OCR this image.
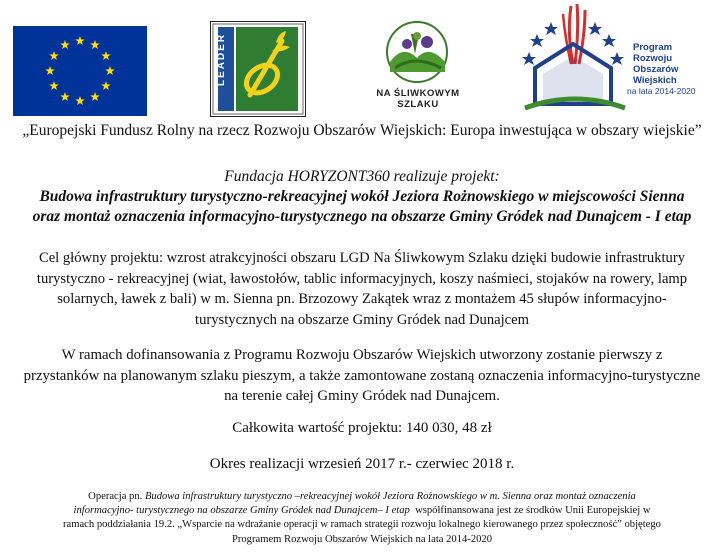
NA ŚLIWKOWYM SZLAKU
Program
Rozwoju
Obszarów
Wiejskich
na lata 2014-2020
„Europejski Fundusz Rolny na rzecz Rozwoju Obszarów Wiejskich: Europa inwestująca w obszary wiejskie”
Fundacja HORYZONT360 realizuje projekt:
Budowa infrastruktury turystyczno-rekreacyjnej wokół Jeziora Rożnowskiego w miejscowości Sienna
oraz montaż oznaczenia informacyjno-turystycznego na obszarze Gminy Gródek nad Dunajcem - I etap
Cel główny projektu: wzrost atrakcyjności obszaru LGD Na Śliwkowym Szlaku dzięki budowie infrastruktury
turystyczno - rekreacyjnej (wiat, ławostołów, tablic informacyjnych, koszy naśmieci, stojaków na rowery, lamp
solarnych, ławek z bali) w m. Sienna pn. Brzozowy Zakątek wraz z montażem 45 słupów informacyjno-
turystycznych na obszarze Gminy Gródek nad Dunajcem
W ramach dofinansowania z Programu Rozwoju Obszarów Wiejskich utworzony zostanie pierwszy z
przystanków na planowanym szlaku pieszym, a także zamontowane zostaną oznaczenia informacyjno-turystyczne
na terenie całej Gminy Gródek nad Dunajcem.
Całkowita wartość projektu: 140 030, 48 zł
Okres realizacji wrzesień 2017 r.- czerwiec 2018 r.
Operacja pn. Budowa infrastruktury turystyczno –rekreacyjnej wokół Jeziora Rożnowskiego w m. Sienna oraz montaż oznaczenia
informacyjno- turystycznego na obszarze Gminy Gródek nad Dunajcem– I etap  współfinansowana jest ze środków Unii Europejskiej w
ramach poddziałania 19.2. „Wsparcie na wdrażanie operacji w ramach strategii rozwoju lokalnego kierowanego przez społeczność” objętego
Programem Rozwoju Obszarów Wiejskich na lata 2014-2020
